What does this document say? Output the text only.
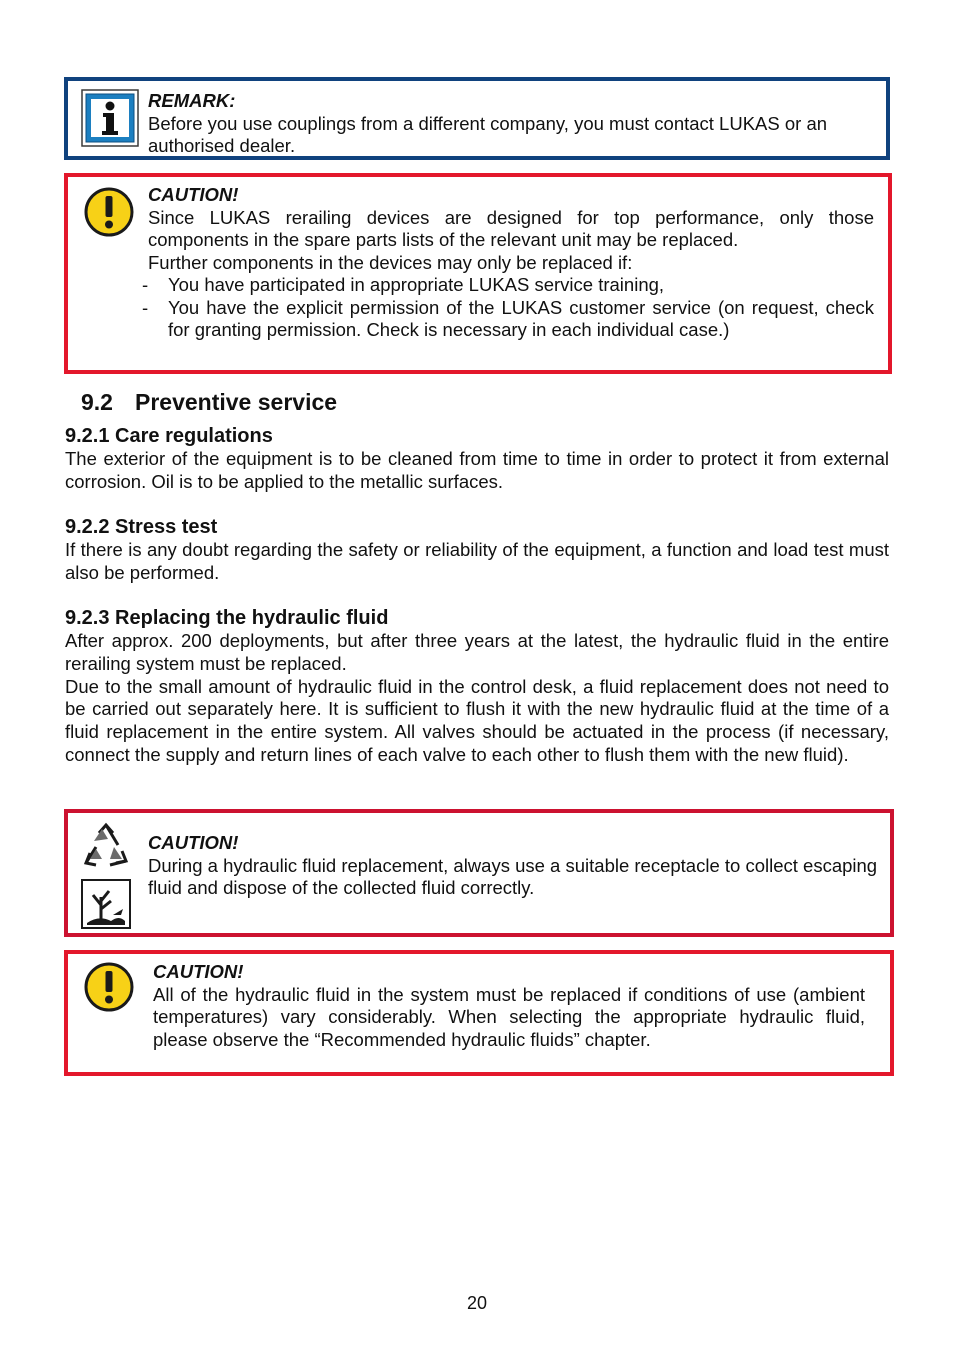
REMARK:
Before you use couplings from a different company, you must contact LUKAS or an authorised dealer.
CAUTION!
Since LUKAS rerailing devices are designed for top performance, only those components in the spare parts lists of the relevant unit may be replaced.
Further components in the devices may only be replaced if:
- You have participated in appropriate LUKAS service training,
- You have the explicit permission of the LUKAS customer service (on request, check for granting permission. Check is necessary in each individual case.)
9.2 Preventive service
9.2.1 Care regulations

The exterior of the equipment is to be cleaned from time to time in order to protect it from external corrosion. Oil is to be applied to the metallic surfaces.

9.2.2 Stress test

If there is any doubt regarding the safety or reliability of the equipment, a function and load test must also be performed.

9.2.3 Replacing the hydraulic fluid

After approx. 200 deployments, but after three years at the latest, the hydraulic fluid in the entire rerailing system must be replaced.

Due to the small amount of hydraulic fluid in the control desk, a fluid replacement does not need to be carried out separately here. It is sufficient to flush it with the new hydraulic fluid at the time of a fluid replacement in the entire system. All valves should be actuated in the process (if necessary, connect the supply and return lines of each valve to each other to flush them with the new fluid).

CAUTION!
During a hydraulic fluid replacement, always use a suitable receptacle to collect escaping fluid and dispose of the collected fluid correctly.
CAUTION!
All of the hydraulic fluid in the system must be replaced if conditions of use (ambient temperatures) vary considerably. When selecting the appropriate hydraulic fluid, please observe the “Recommended hydraulic fluids” chapter.
20
